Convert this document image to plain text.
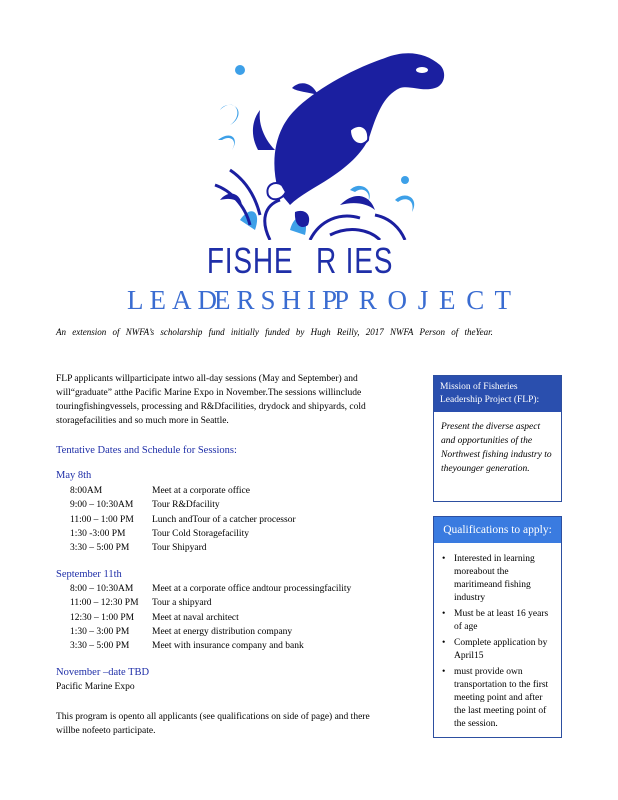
FISHE R IES
LEAD
ERSHIP
P R O J E C T
An extension of NWFA’s scholarship fund initially funded by Hugh Reilly, 2017 NWFA Person of theYear.
FLP applicants willparticipate intwo all-day sessions (May and September) and will“graduate” atthe Pacific Marine Expo in November.The sessions willinclude touringfishingvessels, processing and R&Dfacilities, drydock and shipyards, cold storagefacilities and so much more in Seattle.
Tentative Dates and Schedule for Sessions:
May 8th
8:00AM	Meet at a corporate office
9:00 – 10:30AM Tour R&Dfacility
11:00 – 1:00 PM Lunch andTour of a catcher processor
1:30 -3:00 PM	Tour Cold Storagefacility
3:30 – 5:00 PM Tour Shipyard
September 11th
8:00 – 10:30AM Meet at a corporate office andtour processingfacility
11:00 – 12:30 PM Tour a shipyard
12:30 – 1:00 PM Meet at naval architect
1:30 – 3:00 PM Meet at energy distribution company
3:30 – 5:00 PM Meet with insurance company and bank
November –date TBD
Pacific Marine Expo
This program is opento all applicants (see qualifications on side of page) and there willbe nofeeto participate.
Mission of Fisheries Leadership Project (FLP):
Present the diverse aspect and opportunities of the Northwest fishing industry to theyounger generation.
Qualifications to apply:
• Interested in learning moreabout the maritimeand fishing industry
• Must be at least 16 years of age
• Complete application by April15
• must provide own transportation to the first meeting point and after the last meeting point of the session.
